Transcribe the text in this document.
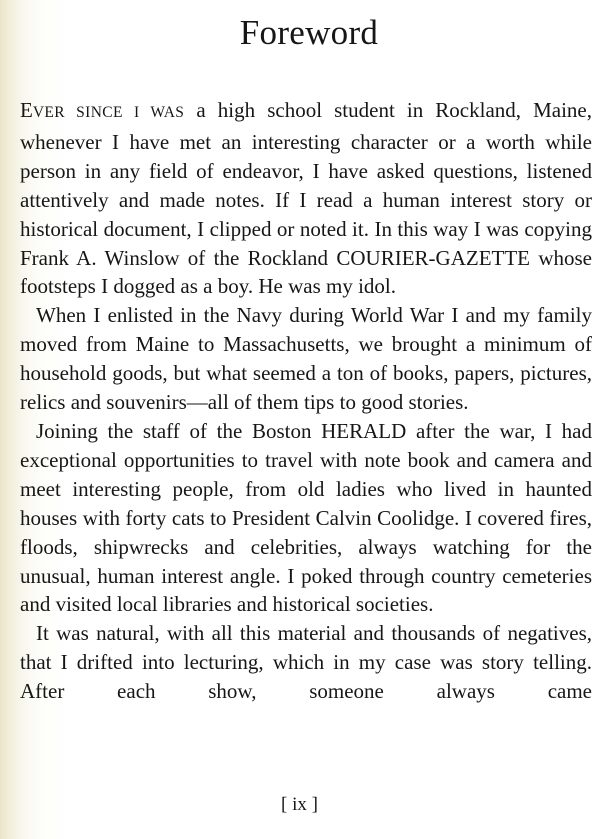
Foreword

EVER SINCE I WAS a high school student in Rockland, Maine, whenever I have met an interesting character or a worth while person in any field of endeavor, I have asked questions, listened attentively and made notes. If I read a human interest story or historical document, I clipped or noted it. In this way I was copying Frank A. Winslow of the Rockland COURIER-GAZETTE whose footsteps I dogged as a boy. He was my idol.

When I enlisted in the Navy during World War I and my family moved from Maine to Massachusetts, we brought a minimum of household goods, but what seemed a ton of books, papers, pictures, relics and souvenirs—all of them tips to good stories.

Joining the staff of the Boston HERALD after the war, I had exceptional opportunities to travel with note book and camera and meet interesting people, from old ladies who lived in haunted houses with forty cats to President Calvin Coolidge. I covered fires, floods, shipwrecks and celebrities, always watching for the unusual, human interest angle. I poked through country cemeteries and visited local libraries and historical societies.

It was natural, with all this material and thousands of negatives, that I drifted into lecturing, which in my case was story telling. After each show, someone always came

[ ix ]
